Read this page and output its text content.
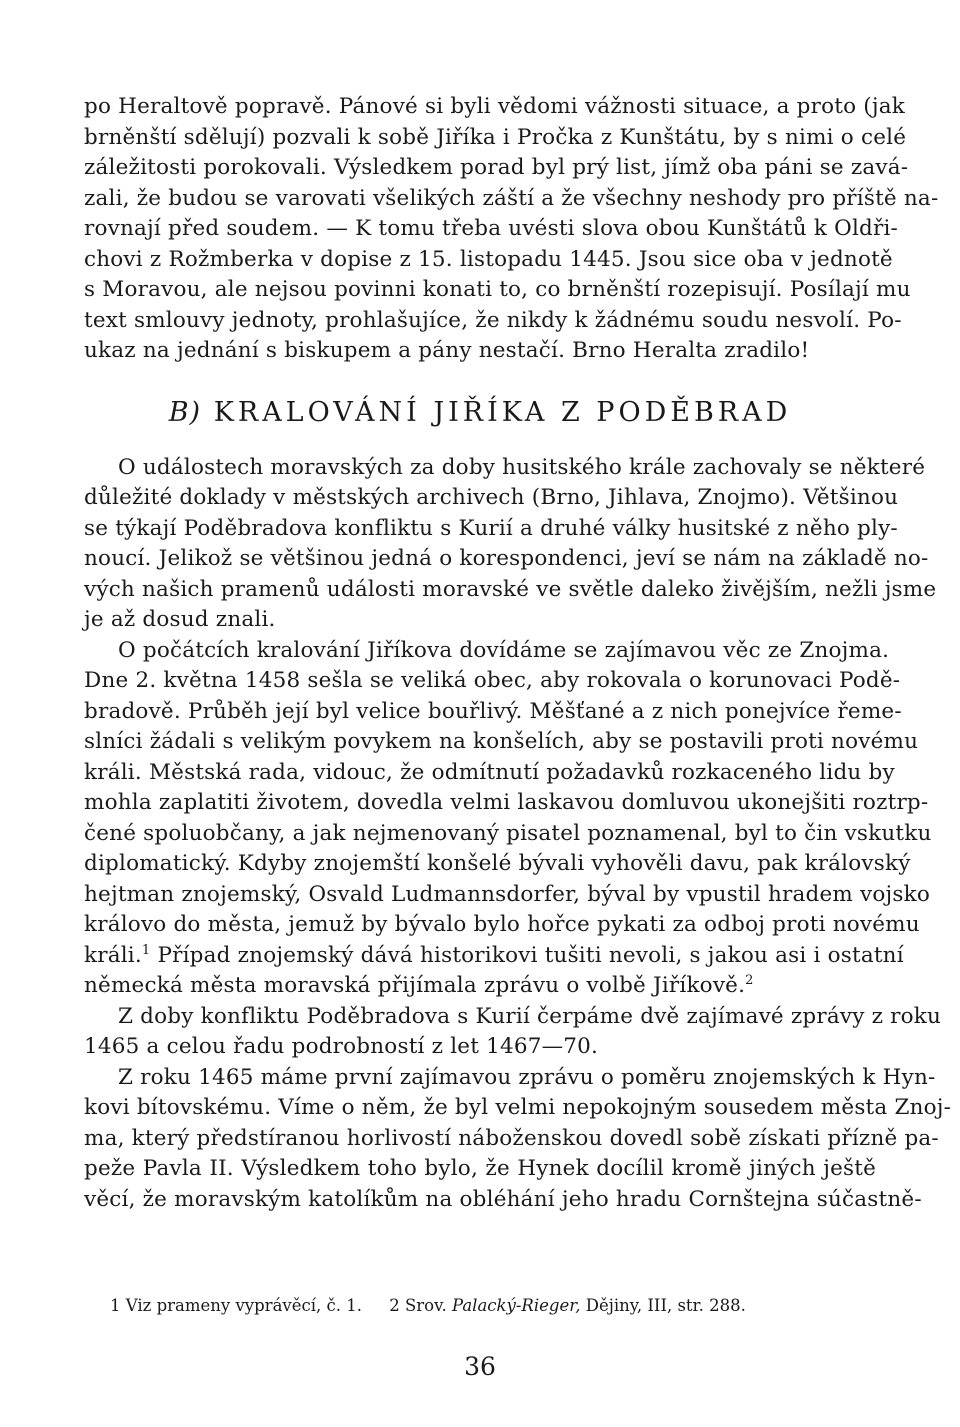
po Heraltově popravě. Pánové si byli vědomi vážnosti situace, a proto (jak
brněnští sdělují) pozvali k sobě Jiříka i Pročka z Kunštátu, by s nimi o celé
záležitosti porokovali. Výsledkem porad byl prý list, jímž oba páni se zavá-
zali, že budou se varovati všelikých záští a že všechny neshody pro příště na-
rovnají před soudem. — K tomu třeba uvésti slova obou Kunštátů k Oldři-
chovi z Rožmberka v dopise z 15. listopadu 1445. Jsou sice oba v jednotě
s Moravou, ale nejsou povinni konati to, co brněnští rozepisují. Posílají mu
text smlouvy jednoty, prohlašujíce, že nikdy k žádnému soudu nesvolí. Po-
ukaz na jednání s biskupem a pány nestačí. Brno Heralta zradilo!
B) KRALOVÁNÍ JIŘÍKA Z PODĚBRAD
O událostech moravských za doby husitského krále zachovaly se některé
důležité doklady v městských archivech (Brno, Jihlava, Znojmo). Většinou
se týkají Poděbradova konfliktu s Kurií a druhé války husitské z něho ply-
noucí. Jelikož se většinou jedná o korespondenci, jeví se nám na základě no-
vých našich pramenů události moravské ve světle daleko živějším, nežli jsme
je až dosud znali.
O počátcích kralování Jiříkova dovídáme se zajímavou věc ze Znojma.
Dne 2. května 1458 sešla se veliká obec, aby rokovala o korunovaci Podě-
bradově. Průběh její byl velice bouřlivý. Měšťané a z nich ponejvíce řeme-
slníci žádali s velikým povykem na konšelích, aby se postavili proti novému
králi. Městská rada, vidouc, že odmítnutí požadavků rozkaceného lidu by
mohla zaplatiti životem, dovedla velmi laskavou domluvou ukonejšiti roztrp-
čené spoluobčany, a jak nejmenovaný pisatel poznamenal, byl to čin vskutku
diplomatický. Kdyby znojemští konšelé bývali vyhověli davu, pak královský
hejtman znojemský, Osvald Ludmannsdorfer, býval by vpustil hradem vojsko
královo do města, jemuž by bývalo bylo hořce pykati za odboj proti novému
králi.$^1$ Případ znojemský dává historikovi tušiti nevoli, s jakou asi i ostatní
německá města moravská přijímala zprávu o volbě Jiříkově.$^2$
Z doby konfliktu Poděbradova s Kurií čerpáme dvě zajímavé zprávy z roku
1465 a celou řadu podrobností z let 1467—70.
Z roku 1465 máme první zajímavou zprávu o poměru znojemských k Hyn-
kovi bítovskému. Víme o něm, že byl velmi nepokojným sousedem města Znoj-
ma, který předstíranou horlivostí náboženskou dovedl sobě získati přízně pa-
peže Pavla II. Výsledkem toho bylo, že Hynek docílil kromě jiných ještě
věcí, že moravským katolíkům na obléhání jeho hradu Cornštejna súčastně-
1 Viz prameny vyprávěcí, č. 1. 2 Srov. Palacký-Rieger, Dějiny, III, str. 288.
36
